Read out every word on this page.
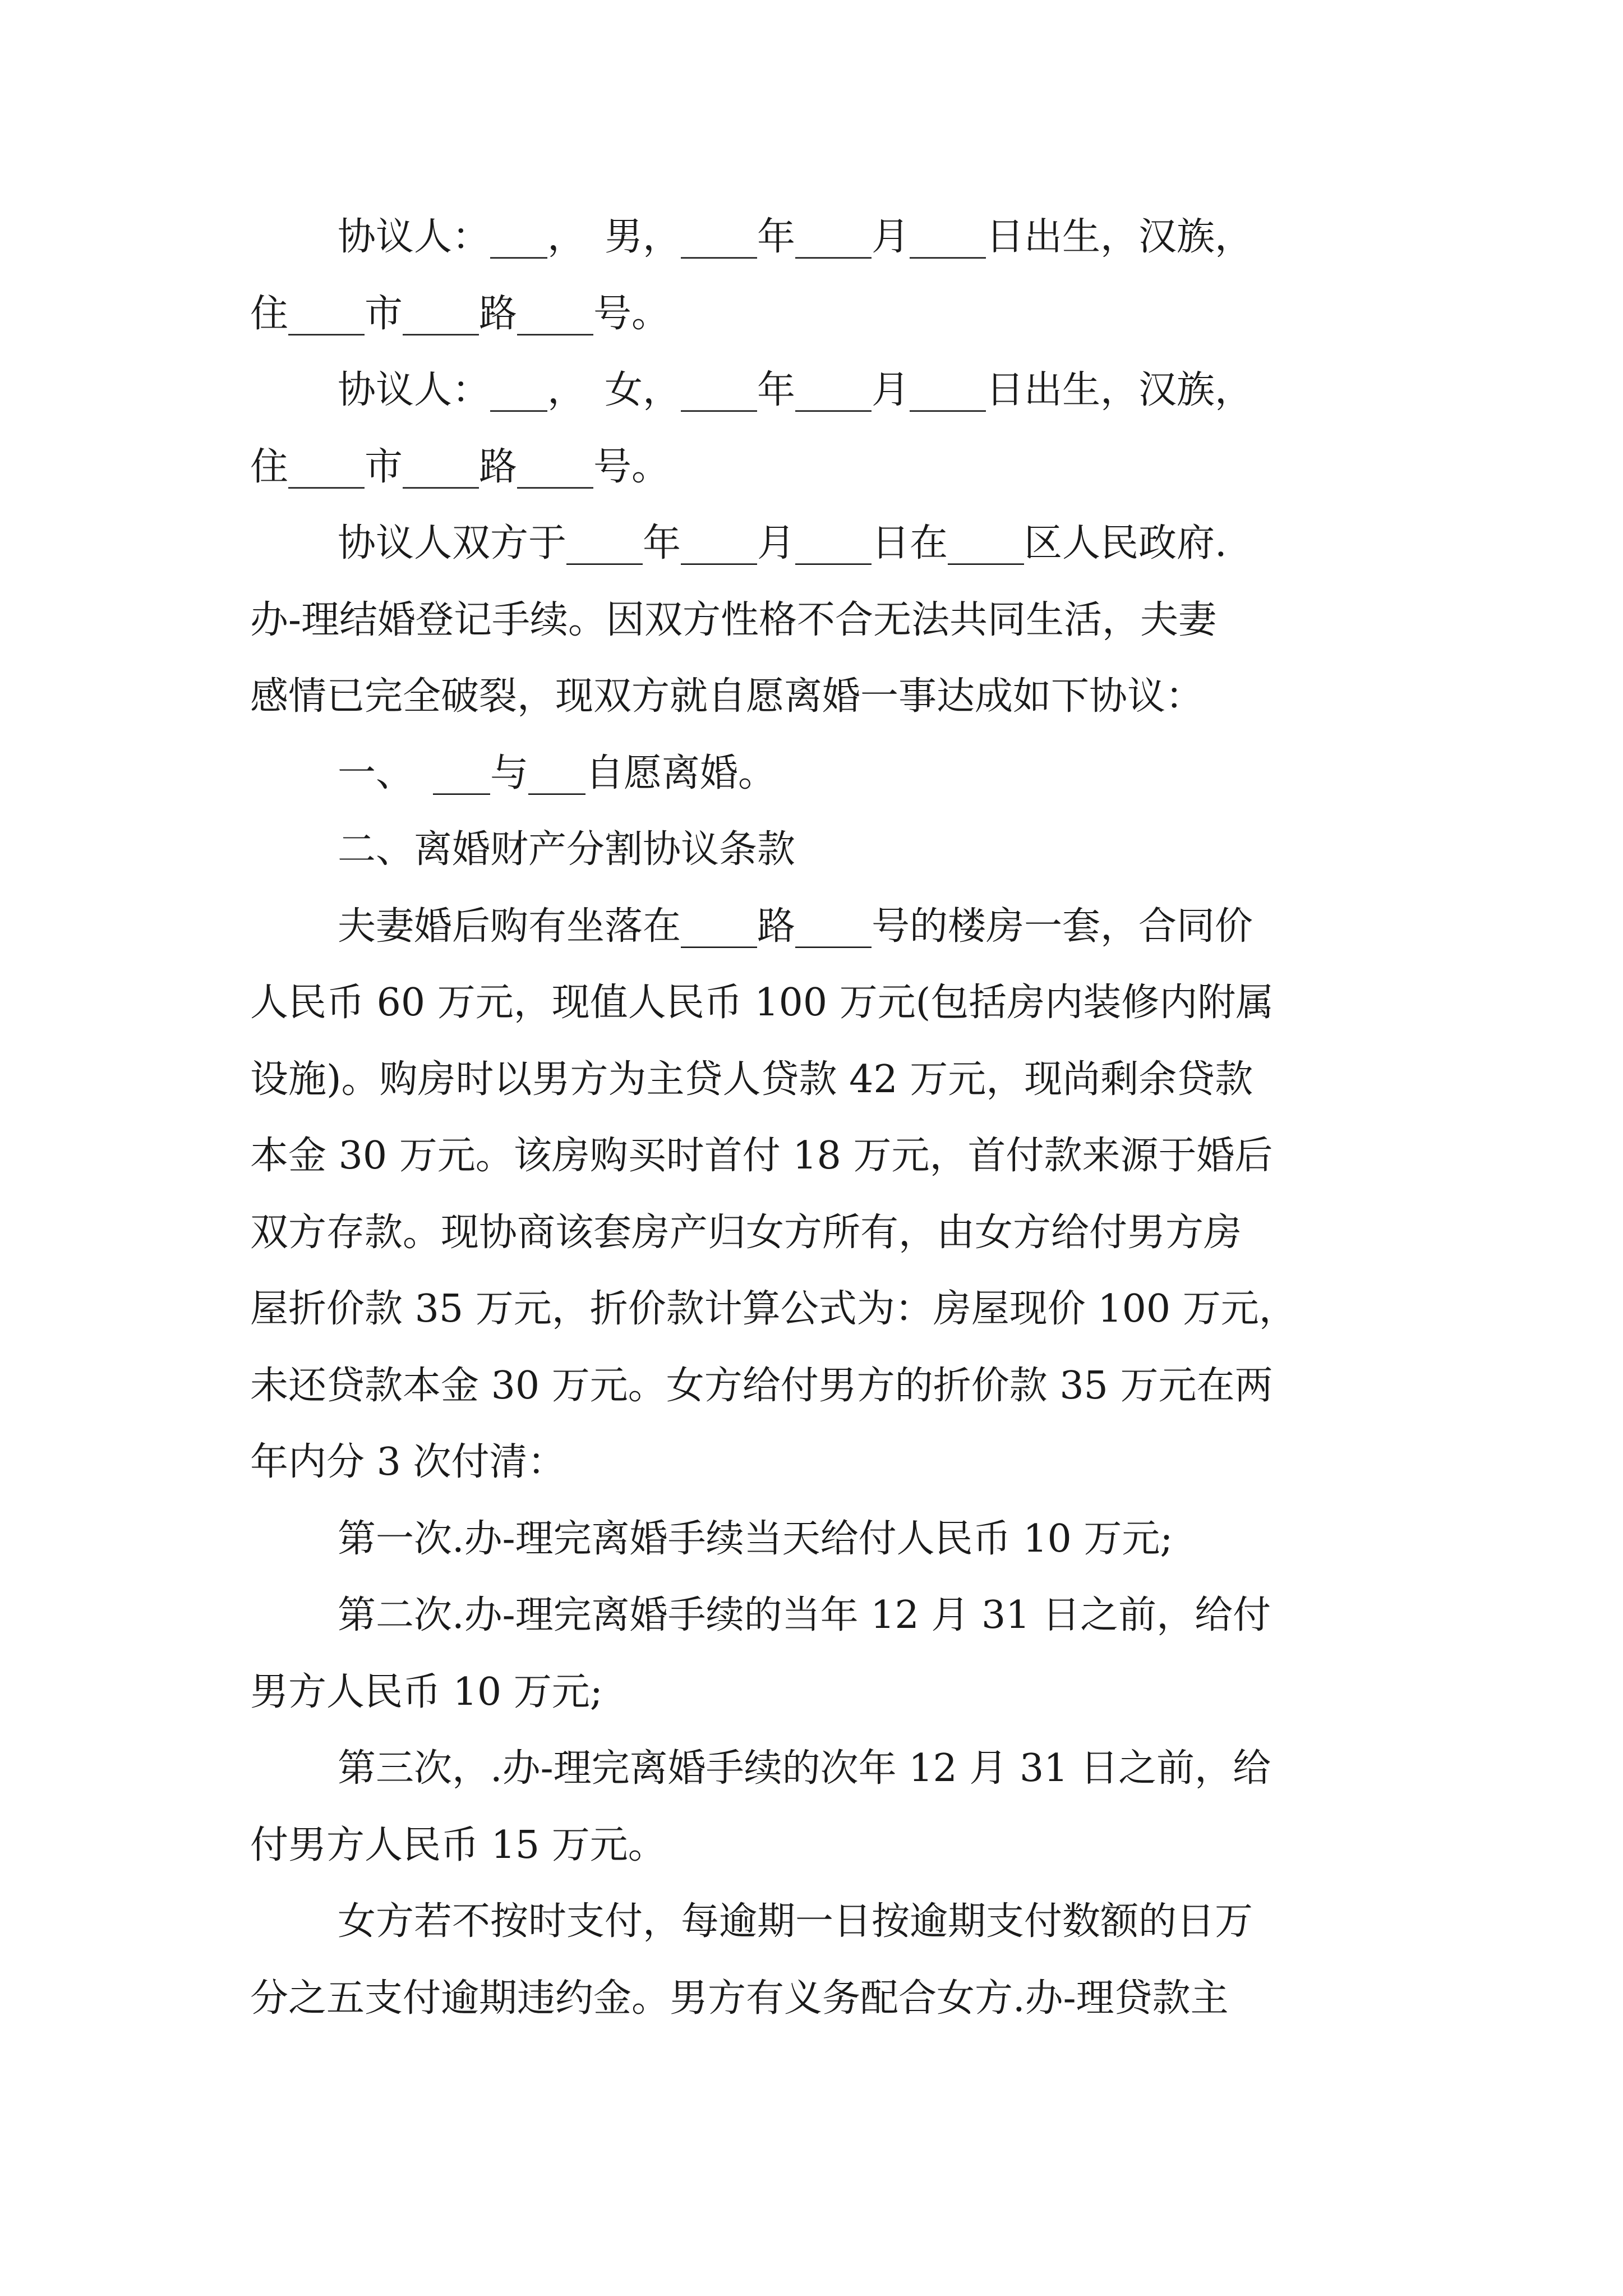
协议人：___，　男，____年____月____日出生，汉族，
住____市____路____号。
协议人：___，　女，____年____月____日出生，汉族，
住____市____路____号。
协议人双方于____年____月____日在____区人民政府.
办-理结婚登记手续。因双方性格不合无法共同生活，夫妻
感情已完全破裂，现双方就自愿离婚一事达成如下协议：
一、　___与___自愿离婚。
二、离婚财产分割协议条款
夫妻婚后购有坐落在____路____号的楼房一套，合同价
人民币 60 万元，现值人民币 100 万元(包括房内装修内附属
设施)。购房时以男方为主贷人贷款 42 万元，现尚剩余贷款
本金 30 万元。该房购买时首付 18 万元，首付款来源于婚后
双方存款。现协商该套房产归女方所有，由女方给付男方房
屋折价款 35 万元，折价款计算公式为：房屋现价 100 万元，
未还贷款本金 30 万元。女方给付男方的折价款 35 万元在两
年内分 3 次付清：
第一次.办-理完离婚手续当天给付人民币 10 万元;
第二次.办-理完离婚手续的当年 12 月 31 日之前，给付
男方人民币 10 万元;
第三次，.办-理完离婚手续的次年 12 月 31 日之前，给
付男方人民币 15 万元。
女方若不按时支付，每逾期一日按逾期支付数额的日万
分之五支付逾期违约金。男方有义务配合女方.办-理贷款主
